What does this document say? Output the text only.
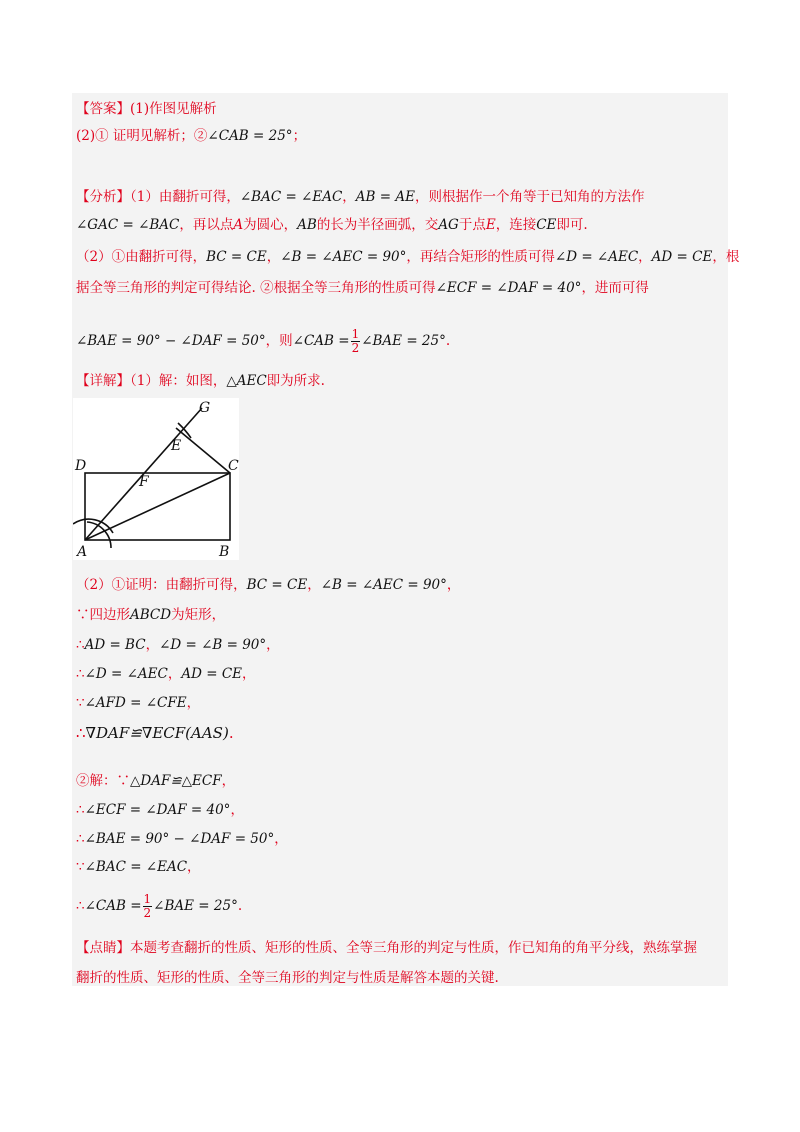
【答案】(1)作图见解析
(2)① 证明见解析；②∠CAB = 25°；
【分析】（1）由翻折可得，∠BAC = ∠EAC，AB = AE，则根据作一个角等于已知角的方法作
∠GAC = ∠BAC，再以点A为圆心，AB的长为半径画弧，交AG于点E，连接CE即可.
（2）①由翻折可得，BC = CE，∠B = ∠AEC = 90°，再结合矩形的性质可得∠D = ∠AEC，AD = CE，根
据全等三角形的判定可得结论. ②根据全等三角形的性质可得∠ECF = ∠DAF = 40°，进而可得
∠BAE = 90° − ∠DAF = 50°，则∠CAB = $\frac{1}{2}$ ∠BAE = 25°.
【详解】（1）解：如图，△AEC即为所求.
G
E
D	C
F
A	B
（2）①证明：由翻折可得，BC = CE，∠B = ∠AEC = 90°，
∵四边形ABCD为矩形，
∴AD = BC，∠D = ∠B = 90°，
∴∠D = ∠AEC，AD = CE，
∵∠AFD = ∠CFE，
∴∇DAF≌∇ECF(AAS).
②解：∵△DAF≌△ECF，
∴∠ECF = ∠DAF = 40°，
∴∠BAE = 90° − ∠DAF = 50°，
∵∠BAC = ∠EAC，
∴∠CAB = $\frac{1}{2}$ ∠BAE = 25°.
【点睛】本题考查翻折的性质、矩形的性质、全等三角形的判定与性质，作已知角的角平分线，熟练掌握
翻折的性质、矩形的性质、全等三角形的判定与性质是解答本题的关键.
